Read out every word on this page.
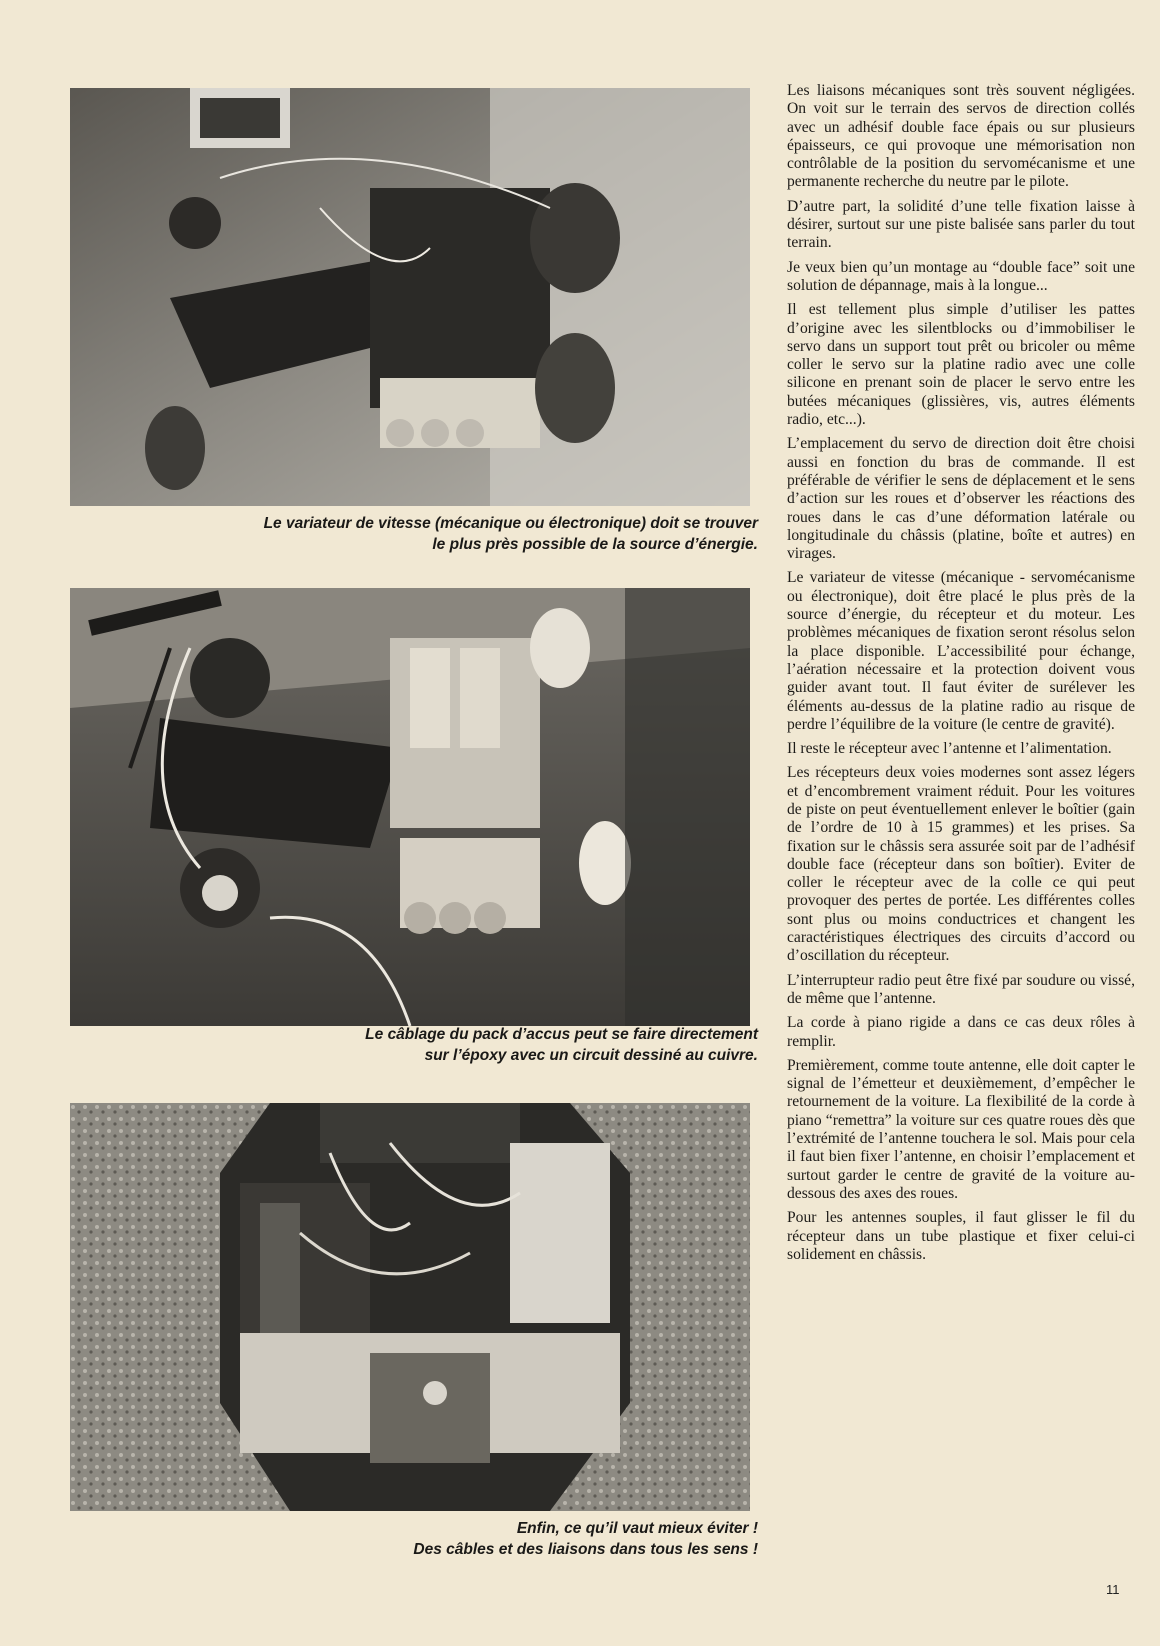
Le variateur de vitesse (mécanique ou électronique) doit se trouver
le plus près possible de la source d’énergie.
Le câblage du pack d’accus peut se faire directement
sur l’époxy avec un circuit dessiné au cuivre.
Enfin, ce qu’il vaut mieux éviter !
Des câbles et des liaisons dans tous les sens !

Les liaisons mécaniques sont très souvent négligées. On voit sur le terrain des servos de direction collés avec un adhésif double face épais ou sur plusieurs épaisseurs, ce qui provoque une mémorisation non contrôlable de la position du servomécanisme et une permanente recherche du neutre par le pilote.

D’autre part, la solidité d’une telle fixation laisse à désirer, surtout sur une piste balisée sans parler du tout terrain.

Je veux bien qu’un montage au “double face” soit une solution de dépannage, mais à la longue...

Il est tellement plus simple d’utiliser les pattes d’origine avec les silentblocks ou d’immobiliser le servo dans un support tout prêt ou bricoler ou même coller le servo sur la platine radio avec une colle silicone en prenant soin de placer le servo entre les butées mécaniques (glissières, vis, autres éléments radio, etc...).

L’emplacement du servo de direction doit être choisi aussi en fonction du bras de commande. Il est préférable de vérifier le sens de déplacement et le sens d’action sur les roues et d’observer les réactions des roues dans le cas d’une déformation latérale ou longitudinale du châssis (platine, boîte et autres) en virages.

Le variateur de vitesse (mécanique - servomécanisme ou électronique), doit être placé le plus près de la source d’énergie, du récepteur et du moteur. Les problèmes mécaniques de fixation seront résolus selon la place disponible. L’accessibilité pour échange, l’aération nécessaire et la protection doivent vous guider avant tout. Il faut éviter de surélever les éléments au-dessus de la platine radio au risque de perdre l’équilibre de la voiture (le centre de gravité).

Il reste le récepteur avec l’antenne et l’alimentation.

Les récepteurs deux voies modernes sont assez légers et d’encombrement vraiment réduit. Pour les voitures de piste on peut éventuellement enlever le boîtier (gain de l’ordre de 10 à 15 grammes) et les prises. Sa fixation sur le châssis sera assurée soit par de l’adhésif double face (récepteur dans son boîtier). Eviter de coller le récepteur avec de la colle ce qui peut provoquer des pertes de portée. Les différentes colles sont plus ou moins conductrices et changent les caractéristiques électriques des circuits d’accord ou d’oscillation du récepteur.

L’interrupteur radio peut être fixé par soudure ou vissé, de même que l’antenne.

La corde à piano rigide a dans ce cas deux rôles à remplir.

Premièrement, comme toute antenne, elle doit capter le signal de l’émetteur et deuxièmement, d’empêcher le retournement de la voiture. La flexibilité de la corde à piano “remettra” la voiture sur ces quatre roues dès que l’extrémité de l’antenne touchera le sol. Mais pour cela il faut bien fixer l’antenne, en choisir l’emplacement et surtout garder le centre de gravité de la voiture au-dessous des axes des roues.

Pour les antennes souples, il faut glisser le fil du récepteur dans un tube plastique et fixer celui-ci solidement en châssis.

11
